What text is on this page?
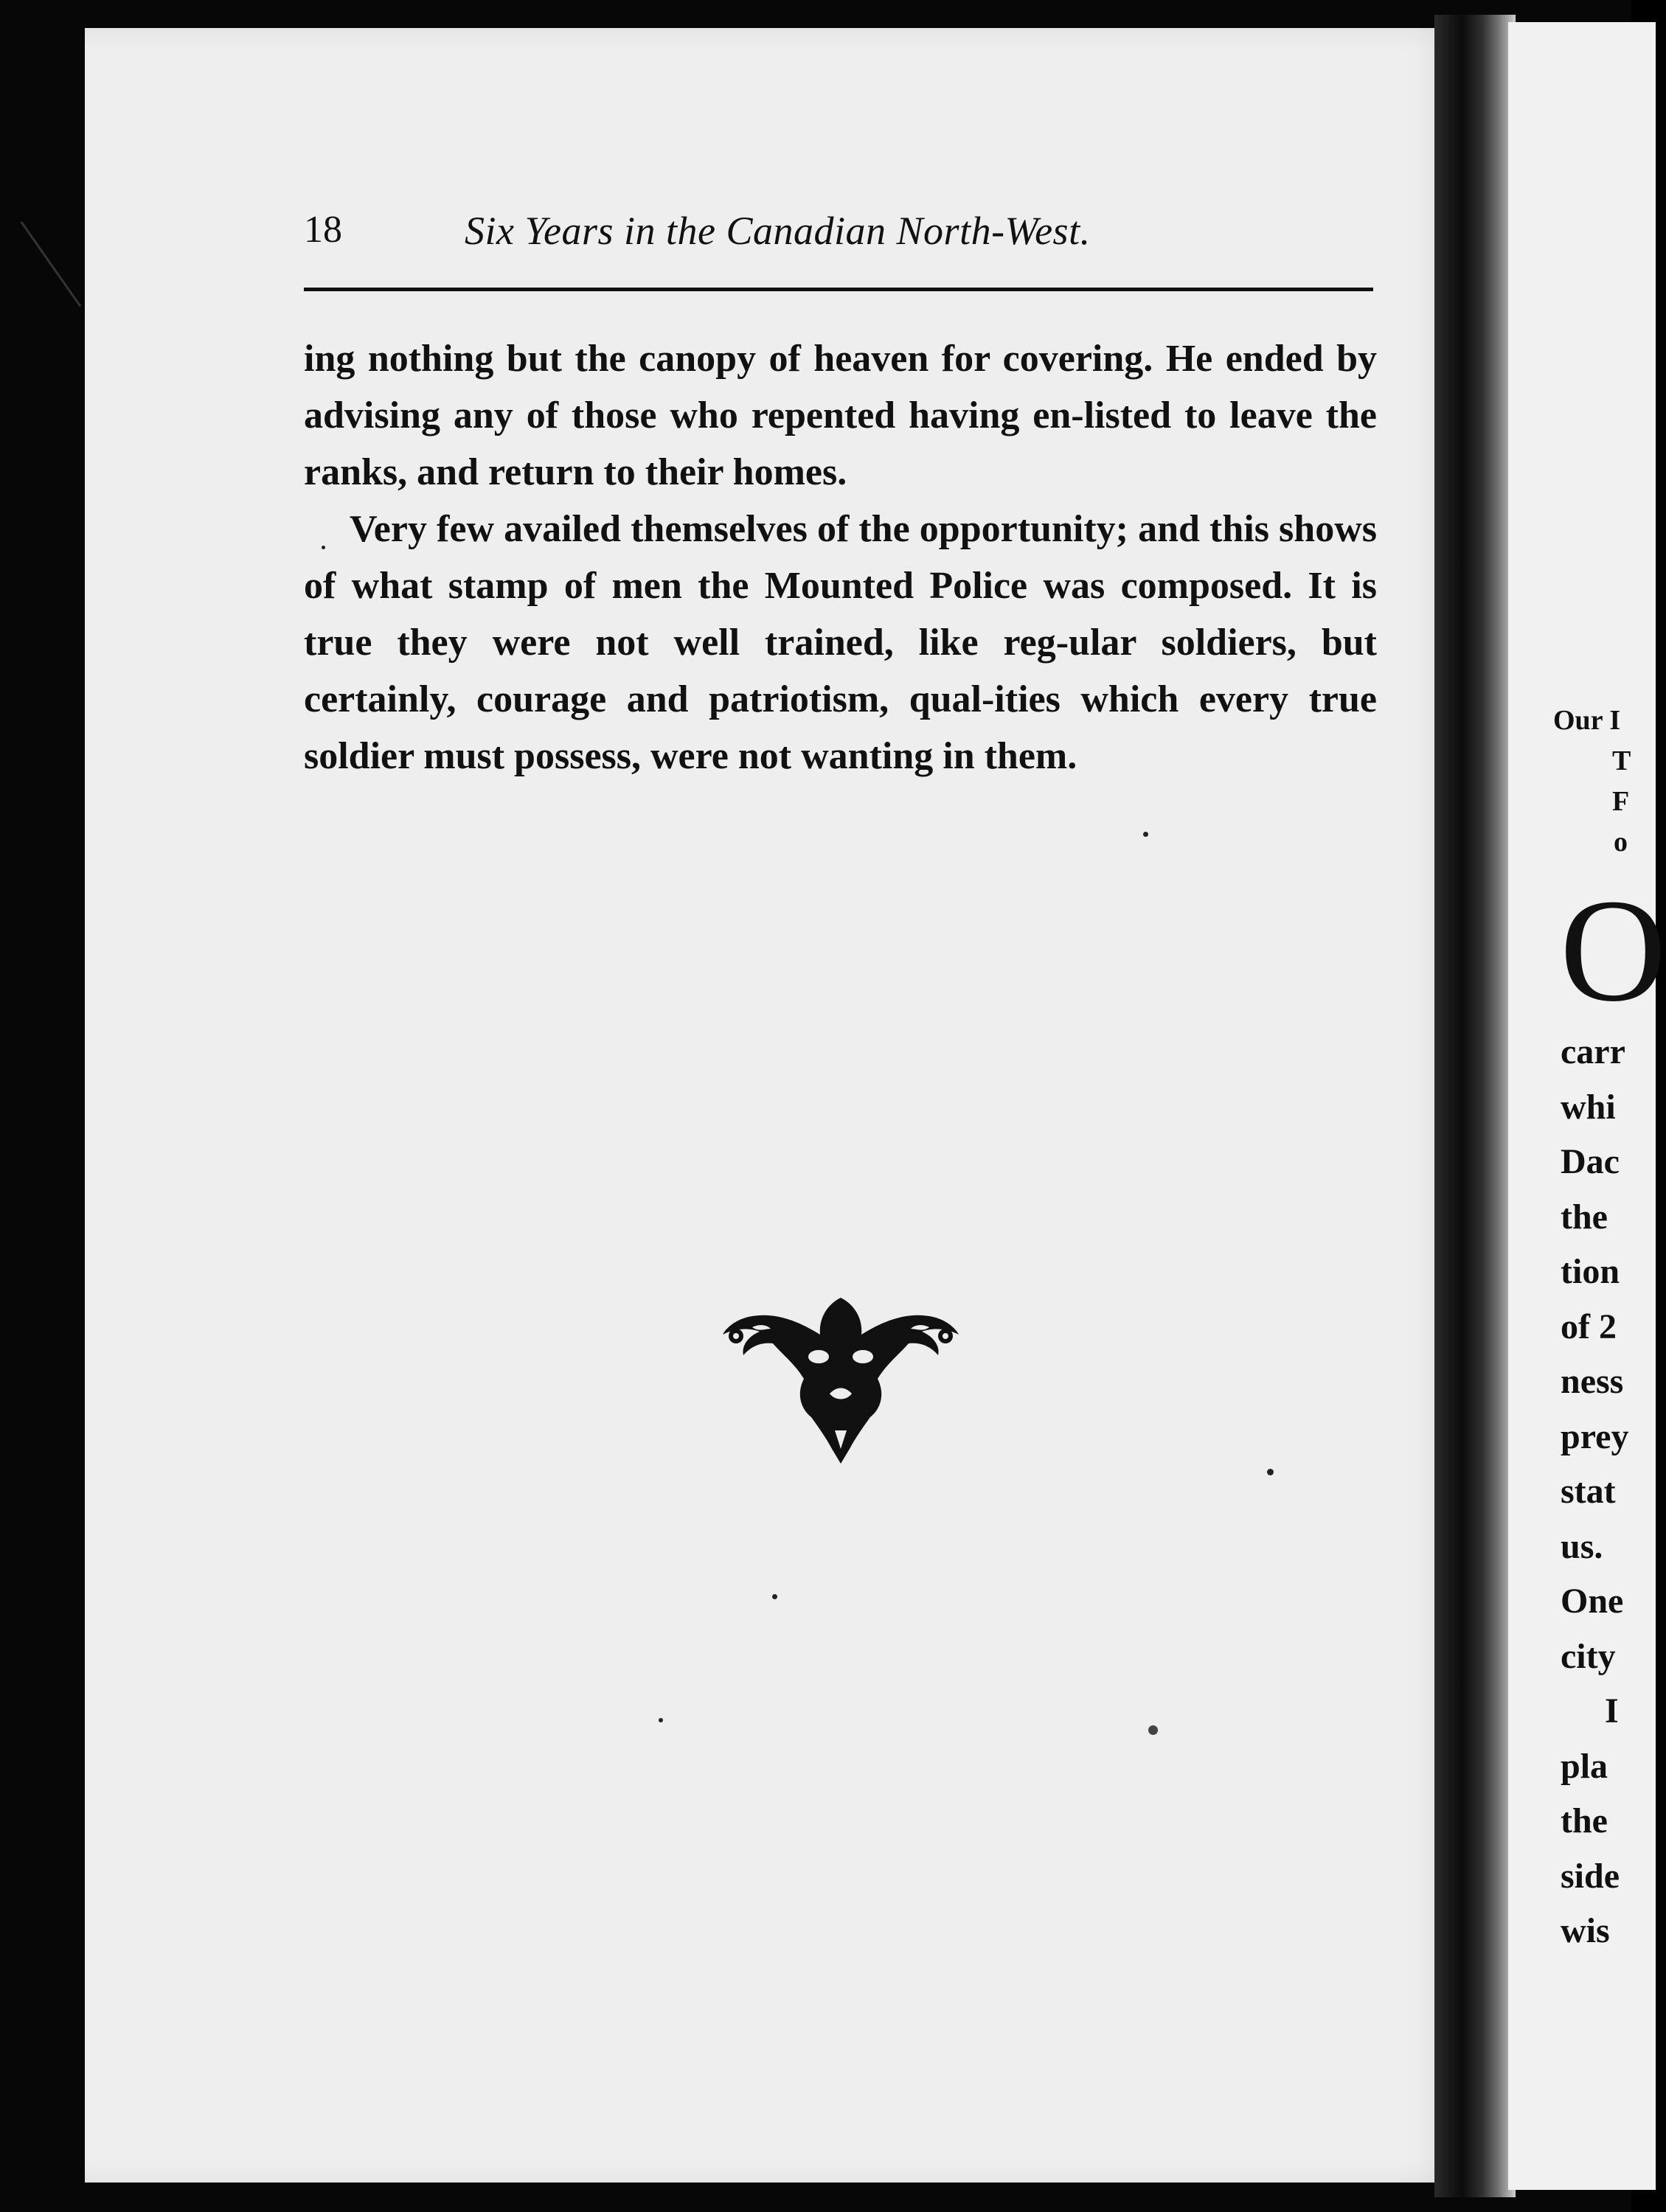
18	Six Years in the Canadian North-West.

ing nothing but the canopy of heaven for covering. He ended by advising any of those who repented having en-listed to leave the ranks, and return to their homes.

Very few availed themselves of the opportunity; and this shows of what stamp of men the Mounted Police was composed. It is true they were not well trained, like reg-ular soldiers, but certainly, courage and patriotism, qual-ities which every true soldier must possess, were not wanting in them.

Our I
T
F
o
O
carr
whi
Dac
the
tion
of 2
ness
prey
stat
us.
One
city
I
pla
the
side
wis
